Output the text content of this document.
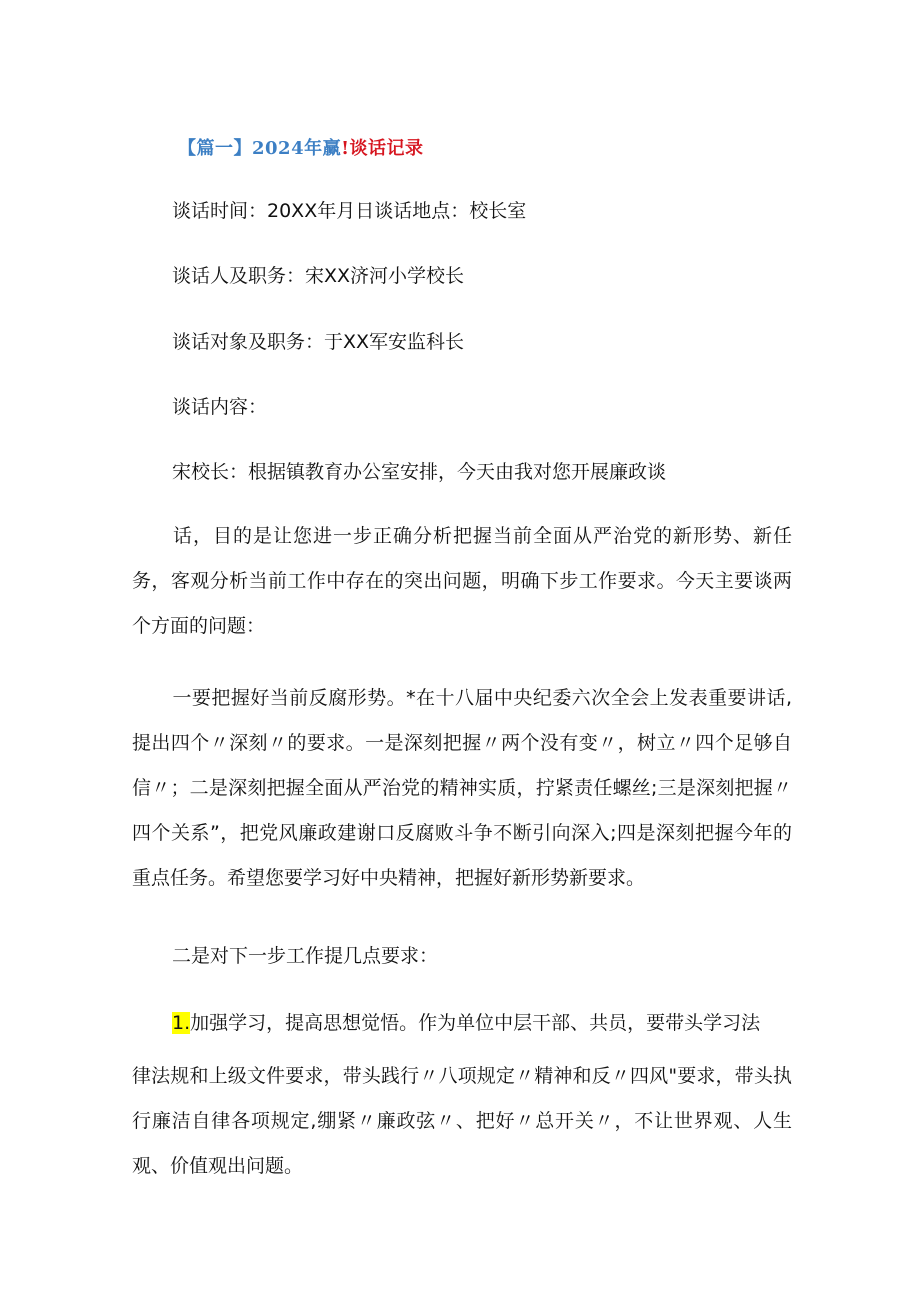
【篇一】2024年赢!谈话记录
谈话时间：20XX年月日谈话地点：校长室
谈话人及职务：宋XX济河小学校长
谈话对象及职务：于XX军安监科长
谈话内容：
宋校长：根据镇教育办公室安排，今天由我对您开展廉政谈
话，目的是让您进一步正确分析把握当前全面从严治党的新形势、新任务，客观分析当前工作中存在的突出问题，明确下步工作要求。今天主要谈两个方面的问题：
一要把握好当前反腐形势。*在十八届中央纪委六次全会上发表重要讲话,提出四个〃深刻〃的要求。一是深刻把握〃两个没有变〃，树立〃四个足够自信〃；二是深刻把握全面从严治党的精神实质，拧紧责任螺丝;三是深刻把握〃四个关系”，把党风廉政建谢口反腐败斗争不断引向深入;四是深刻把握今年的重点任务。希望您要学习好中央精神，把握好新形势新要求。
二是对下一步工作提几点要求：
1.加强学习，提高思想觉悟。作为单位中层干部、共员，要带头学习法
律法规和上级文件要求，带头践行〃八项规定〃精神和反〃四风"要求，带头执行廉洁自律各项规定,绷紧〃廉政弦〃、把好〃总开关〃，不让世界观、人生观、价值观出问题。
